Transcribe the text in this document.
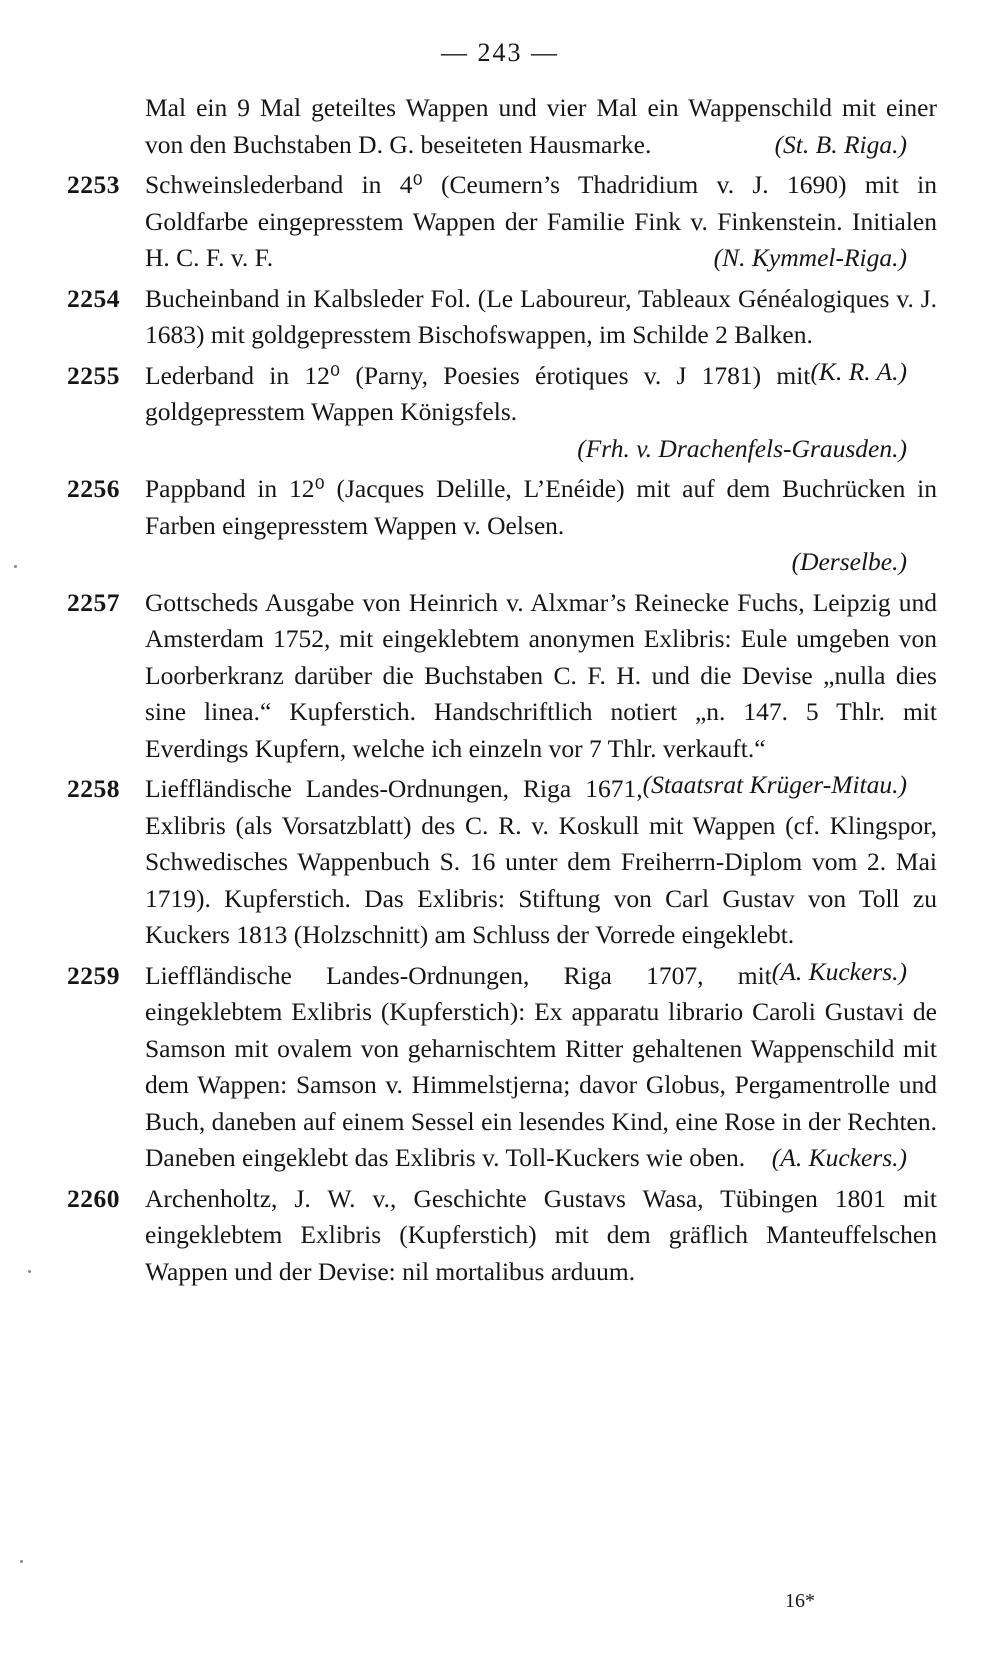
— 243 —
Mal ein 9 Mal geteiltes Wappen und vier Mal ein Wappenschild mit einer von den Buchstaben D. G. beseiteten Hausmarke.	(St. B. Riga.)
2253 Schweinslederband in 4⁰ (Ceumern’s Thadridium v. J. 1690) mit in Goldfarbe eingepresstem Wappen der Familie Fink v. Finkenstein. Initialen H. C. F. v. F.	(N. Kymmel-Riga.)
2254 Bucheinband in Kalbsleder Fol. (Le Laboureur, Tableaux Généalogiques v. J. 1683) mit goldgepresstem Bischofswappen, im Schilde 2 Balken.
(K. R. A.)
2255 Lederband in 12⁰ (Parny, Poesies érotiques v. J 1781) mit goldgepresstem Wappen Königsfels.
(Frh. v. Drachenfels-Grausden.)
2256 Pappband in 12⁰ (Jacques Delille, L’Enéide) mit auf dem Buchrücken in Farben eingepresstem Wappen v. Oelsen.
(Derselbe.)
2257 Gottscheds Ausgabe von Heinrich v. Alxmar’s Reinecke Fuchs, Leipzig und Amsterdam 1752, mit eingeklebtem anonymen Exlibris: Eule umgeben von Loorberkranz darüber die Buchstaben C. F. H. und die Devise „nulla dies sine linea.“ Kupferstich. Handschriftlich notiert „n. 147. 5 Thlr. mit Everdings Kupfern, welche ich einzeln vor 7 Thlr. verkauft.“
(Staatsrat Krüger-Mitau.)
2258 Lieffländische Landes-Ordnungen, Riga 1671, Exlibris (als Vorsatzblatt) des C. R. v. Koskull mit Wappen (cf. Klingspor, Schwedisches Wappenbuch S. 16 unter dem Freiherrn-Diplom vom 2. Mai 1719). Kupferstich. Das Exlibris: Stiftung von Carl Gustav von Toll zu Kuckers 1813 (Holzschnitt) am Schluss der Vorrede eingeklebt.
(A. Kuckers.)
2259 Lieffländische Landes-Ordnungen, Riga 1707, mit eingeklebtem Exlibris (Kupferstich): Ex apparatu librario Caroli Gustavi de Samson mit ovalem von geharnischtem Ritter gehaltenen Wappenschild mit dem Wappen: Samson v. Himmelstjerna; davor Globus, Pergamentrolle und Buch, daneben auf einem Sessel ein lesendes Kind, eine Rose in der Rechten. Daneben eingeklebt das Exlibris v. Toll-Kuckers wie oben. (A. Kuckers.)
2260 Archenholtz, J. W. v., Geschichte Gustavs Wasa, Tübingen 1801 mit eingeklebtem Exlibris (Kupferstich) mit dem gräflich Manteuffelschen Wappen und der Devise: nil mortalibus arduum.
16*
